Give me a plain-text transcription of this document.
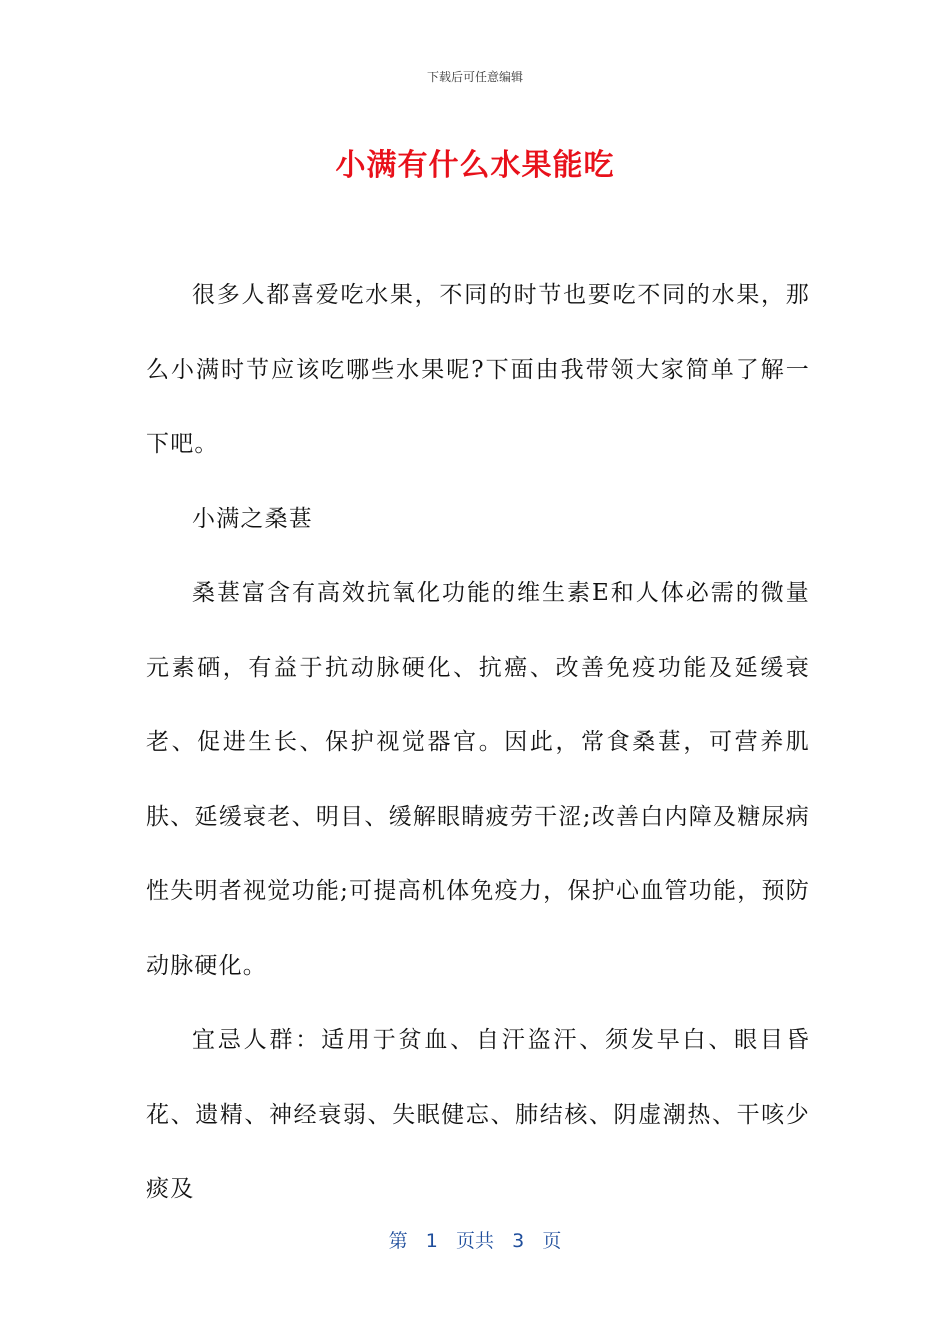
下载后可任意编辑
小满有什么水果能吃

很多人都喜爱吃水果，不同的时节也要吃不同的水果，那么小满时节应该吃哪些水果呢?下面由我带领大家简单了解一下吧。

小满之桑葚

桑葚富含有高效抗氧化功能的维生素E和人体必需的微量元素硒，有益于抗动脉硬化、抗癌、改善免疫功能及延缓衰老、促进生长、保护视觉器官。因此，常食桑葚，可营养肌肤、延缓衰老、明目、缓解眼睛疲劳干涩;改善白内障及糖尿病性失明者视觉功能;可提高机体免疫力，保护心血管功能，预防动脉硬化。

宜忌人群：适用于贫血、自汗盗汗、须发早白、眼目昏花、遗精、神经衰弱、失眠健忘、肺结核、阴虚潮热、干咳少痰及

第 1 页共 3 页
